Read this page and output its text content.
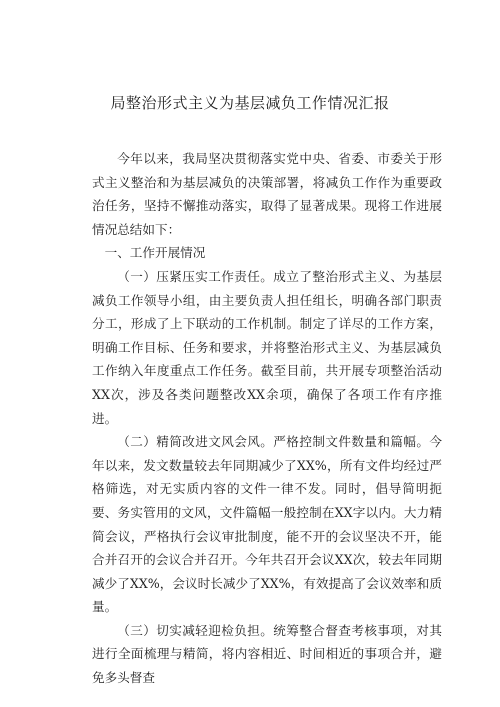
局整治形式主义为基层减负工作情况汇报

今年以来，我局坚决贯彻落实党中央、省委、市委关于形式主义整治和为基层减负的决策部署，将减负工作作为重要政治任务，坚持不懈推动落实，取得了显著成果。现将工作进展情况总结如下：

一、工作开展情况

（一）压紧压实工作责任。成立了整治形式主义、为基层减负工作领导小组，由主要负责人担任组长，明确各部门职责分工，形成了上下联动的工作机制。制定了详尽的工作方案，明确工作目标、任务和要求，并将整治形式主义、为基层减负工作纳入年度重点工作任务。截至目前，共开展专项整治活动XX次，涉及各类问题整改XX余项，确保了各项工作有序推进。

（二）精简改进文风会风。严格控制文件数量和篇幅。今年以来，发文数量较去年同期减少了XX%，所有文件均经过严格筛选，对无实质内容的文件一律不发。同时，倡导简明扼要、务实管用的文风，文件篇幅一般控制在XX字以内。大力精简会议，严格执行会议审批制度，能不开的会议坚决不开，能合并召开的会议合并召开。今年共召开会议XX次，较去年同期减少了XX%，会议时长减少了XX%，有效提高了会议效率和质量。

（三）切实减轻迎检负担。统筹整合督查考核事项，对其进行全面梳理与精简，将内容相近、时间相近的事项合并，避免多头督查
